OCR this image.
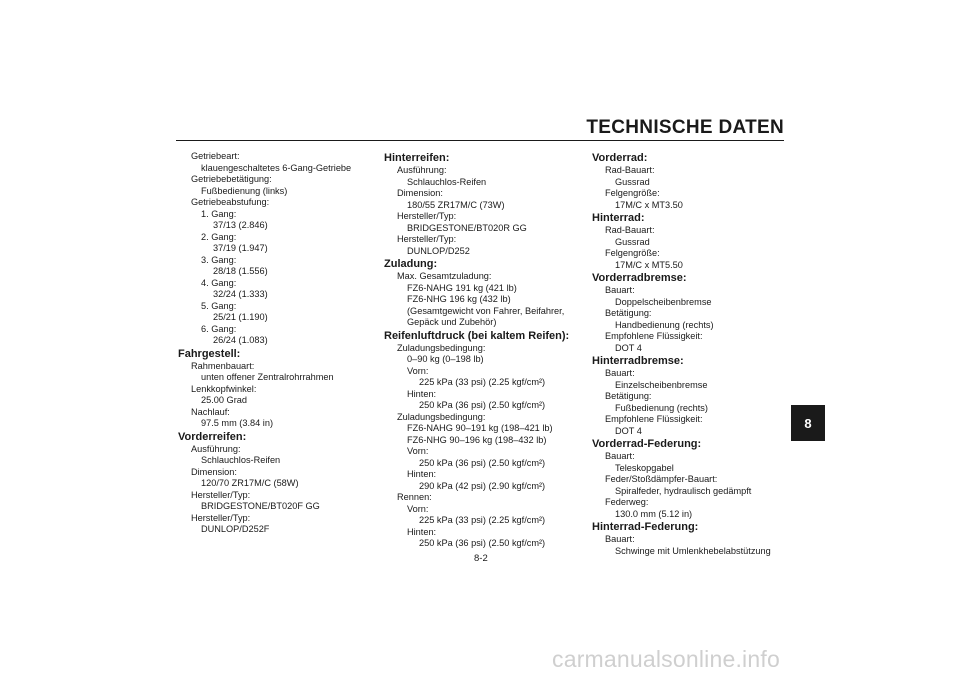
TECHNISCHE DATEN
Getriebeart:
klauengeschaltetes 6-Gang-Getriebe
Getriebebetätigung:
Fußbedienung (links)
Getriebeabstufung:
1. Gang:
37/13 (2.846)
2. Gang:
37/19 (1.947)
3. Gang:
28/18 (1.556)
4. Gang:
32/24 (1.333)
5. Gang:
25/21 (1.190)
6. Gang:
26/24 (1.083)
Fahrgestell:
Rahmenbauart:
unten offener Zentralrohrrahmen
Lenkkopfwinkel:
25.00 Grad
Nachlauf:
97.5 mm (3.84 in)
Vorderreifen:
Ausführung:
Schlauchlos-Reifen
Dimension:
120/70 ZR17M/C (58W)
Hersteller/Typ:
BRIDGESTONE/BT020F GG
Hersteller/Typ:
DUNLOP/D252F
Hinterreifen:
Ausführung:
Schlauchlos-Reifen
Dimension:
180/55 ZR17M/C (73W)
Hersteller/Typ:
BRIDGESTONE/BT020R GG
Hersteller/Typ:
DUNLOP/D252
Zuladung:
Max. Gesamtzuladung:
FZ6-NAHG 191 kg (421 lb)
FZ6-NHG 196 kg (432 lb)
(Gesamtgewicht von Fahrer, Beifahrer,
Gepäck und Zubehör)
Reifenluftdruck (bei kaltem Reifen):
Zuladungsbedingung:
0–90 kg (0–198 lb)
Vorn:
225 kPa (33 psi) (2.25 kgf/cm²)
Hinten:
250 kPa (36 psi) (2.50 kgf/cm²)
Zuladungsbedingung:
FZ6-NAHG 90–191 kg (198–421 lb)
FZ6-NHG 90–196 kg (198–432 lb)
Vorn:
250 kPa (36 psi) (2.50 kgf/cm²)
Hinten:
290 kPa (42 psi) (2.90 kgf/cm²)
Rennen:
Vorn:
225 kPa (33 psi) (2.25 kgf/cm²)
Hinten:
250 kPa (36 psi) (2.50 kgf/cm²)
Vorderrad:
Rad-Bauart:
Gussrad
Felgengröße:
17M/C x MT3.50
Hinterrad:
Rad-Bauart:
Gussrad
Felgengröße:
17M/C x MT5.50
Vorderradbremse:
Bauart:
Doppelscheibenbremse
Betätigung:
Handbedienung (rechts)
Empfohlene Flüssigkeit:
DOT 4
Hinterradbremse:
Bauart:
Einzelscheibenbremse
Betätigung:
Fußbedienung (rechts)
Empfohlene Flüssigkeit:
DOT 4
Vorderrad-Federung:
Bauart:
Teleskopgabel
Feder/Stoßdämpfer-Bauart:
Spiralfeder, hydraulisch gedämpft
Federweg:
130.0 mm (5.12 in)
Hinterrad-Federung:
Bauart:
Schwinge mit Umlenkhebelabstützung
8
8-2
carmanualsonline.info
